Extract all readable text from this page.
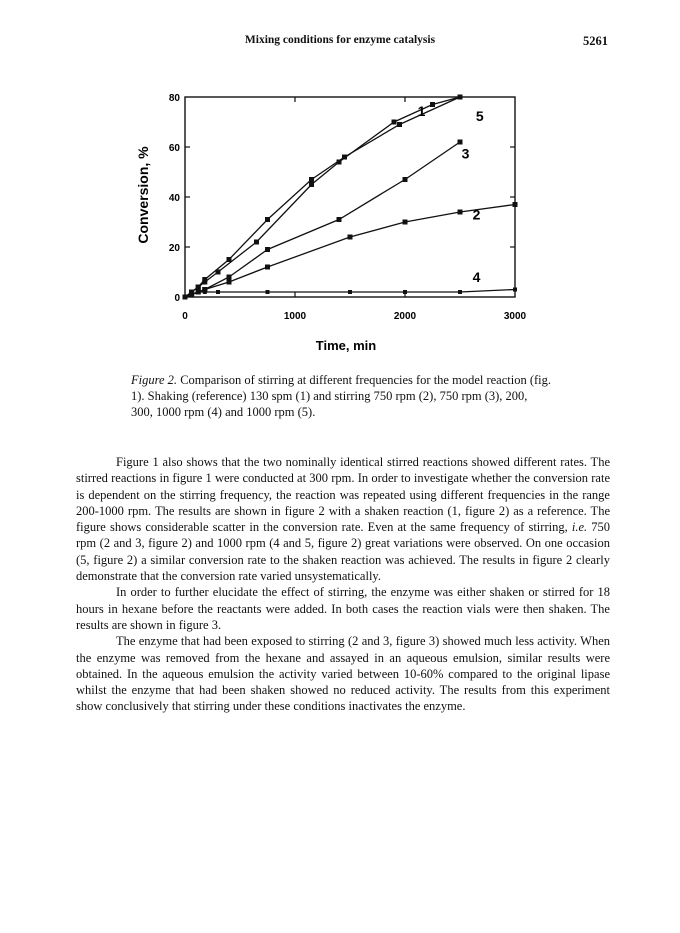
Mixing conditions for enzyme catalysis	5261
0
20
40
60
80
0	1000	2000	3000
1	5
3
2
4
Conversion, %
Time, min
Figure 2. Comparison of stirring at different frequencies for the model reaction (fig. 1). Shaking (reference) 130 spm (1) and stirring 750 rpm (2), 750 rpm (3), 200, 300, 1000 rpm (4) and 1000 rpm (5).

Figure 1 also shows that the two nominally identical stirred reactions showed different rates. The stirred reactions in figure 1 were conducted at 300 rpm. In order to investigate whether the conversion rate is dependent on the stirring frequency, the reaction was repeated using different frequencies in the range 200-1000 rpm. The results are shown in figure 2 with a shaken reaction (1, figure 2) as a reference. The figure shows considerable scatter in the conversion rate. Even at the same frequency of stirring, i.e. 750 rpm (2 and 3, figure 2) and 1000 rpm (4 and 5, figure 2) great variations were observed. On one occasion (5, figure 2) a similar conversion rate to the shaken reaction was achieved. The results in figure 2 clearly demonstrate that the conversion rate varied unsystematically.

In order to further elucidate the effect of stirring, the enzyme was either shaken or stirred for 18 hours in hexane before the reactants were added. In both cases the reaction vials were then shaken. The results are shown in figure 3.

The enzyme that had been exposed to stirring (2 and 3, figure 3) showed much less activity. When the enzyme was removed from the hexane and assayed in an aqueous emulsion, similar results were obtained. In the aqueous emulsion the activity varied between 10-60% compared to the original lipase whilst the enzyme that had been shaken showed no reduced activity. The results from this experiment show conclusively that stirring under these conditions inactivates the enzyme.
